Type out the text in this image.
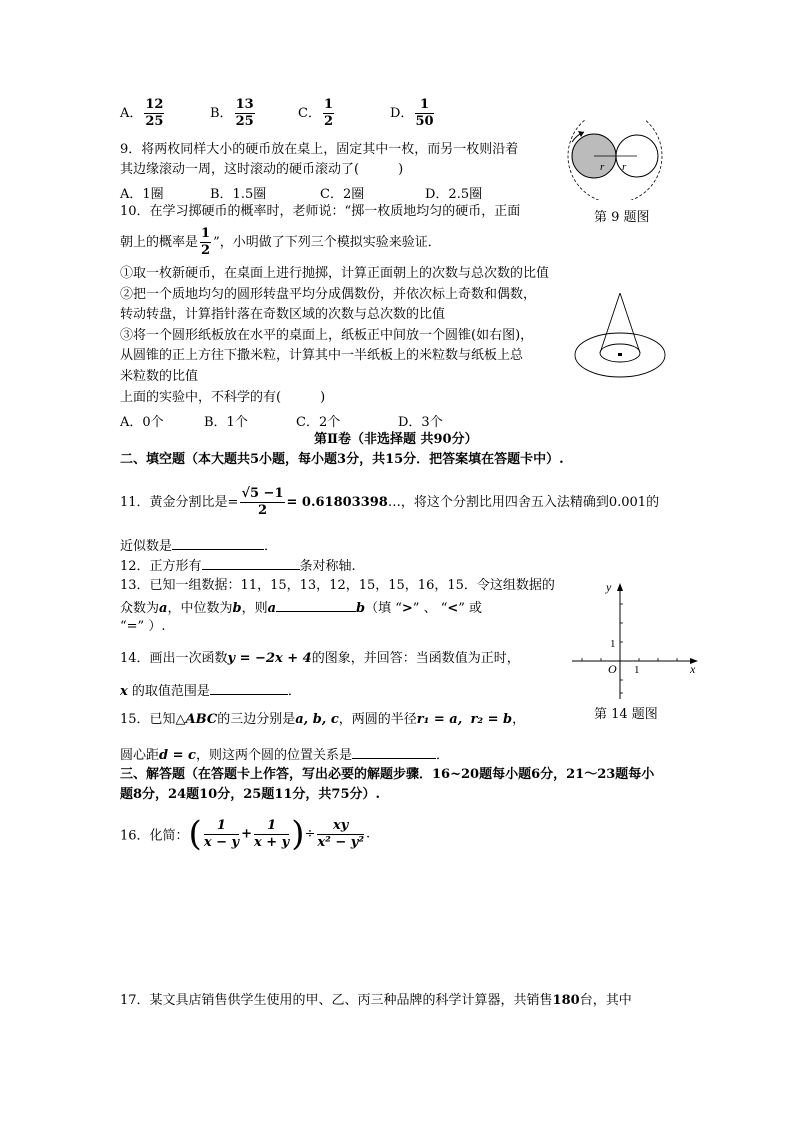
A． $\frac{12}{25}$	B． $\frac{13}{25}$	C． $\frac{1}{2}$	D． $\frac{1}{50}$
9．将两枚同样大小的硬币放在桌上，固定其中一枚，而另一枚则沿着
其边缘滚动一周，这时滚动的硬币滚动了(　　　)
A．1圈	B．1.5圈	C．2圈	D．2.5圈
r r
第 9 题图
10．在学习掷硬币的概率时，老师说：“掷一枚质地均匀的硬币，正面
朝上的概率是 $\frac{1}{2}$ ”，小明做了下列三个模拟实验来验证．
①取一枚新硬币，在桌面上进行抛掷，计算正面朝上的次数与总次数的比值
②把一个质地均匀的圆形转盘平均分成偶数份，并依次标上奇数和偶数，
转动转盘，计算指针落在奇数区域的次数与总次数的比值
③将一个圆形纸板放在水平的桌面上，纸板正中间放一个圆锥(如右图)，
从圆锥的正上方往下撒米粒，计算其中一半纸板上的米粒数与纸板上总
米粒数的比值
上面的实验中，不科学的有(　　　)
A．0个	B．1个	C．2个	D．3个
第Ⅱ卷（非选择题 共90分）
二、填空题（本大题共5小题，每小题3分，共15分．把答案填在答题卡中）.
11．黄金分割比是= $\frac{√5 -1}{2}$ = 0.61803398…，将这个分割比用四舍五入法精确到0.001的
近似数是	．
12．正方形有	条对称轴.
13．已知一组数据：11，15，13，12，15，15，16，15．令这组数据的
众数为a，中位数为b，则a	b（填 “>” 、 “<” 或
“=” ）.
14．画出一次函数y = −2x + 4的图象，并回答：当函数值为正时，
x 的取值范围是	．
x
y
O 1
1
第 14 题图
15．已知△ABC的三边分别是a, b, c，两圆的半径r₁ = a, r₂ = b，
圆心距d = c，则这两个圆的位置关系是	．
三、解答题（在答题卡上作答，写出必要的解题步骤．16~20题每小题6分，21～23题每小
题8分，24题10分，25题11分，共75分）.
16．化简：( $\frac{1}{x - y} + \frac{1}{x + y}$ )÷ $\frac{xy}{\text{x² − y²}}$ .
17．某文具店销售供学生使用的甲、乙、丙三种品牌的科学计算器，共销售180台，其中
